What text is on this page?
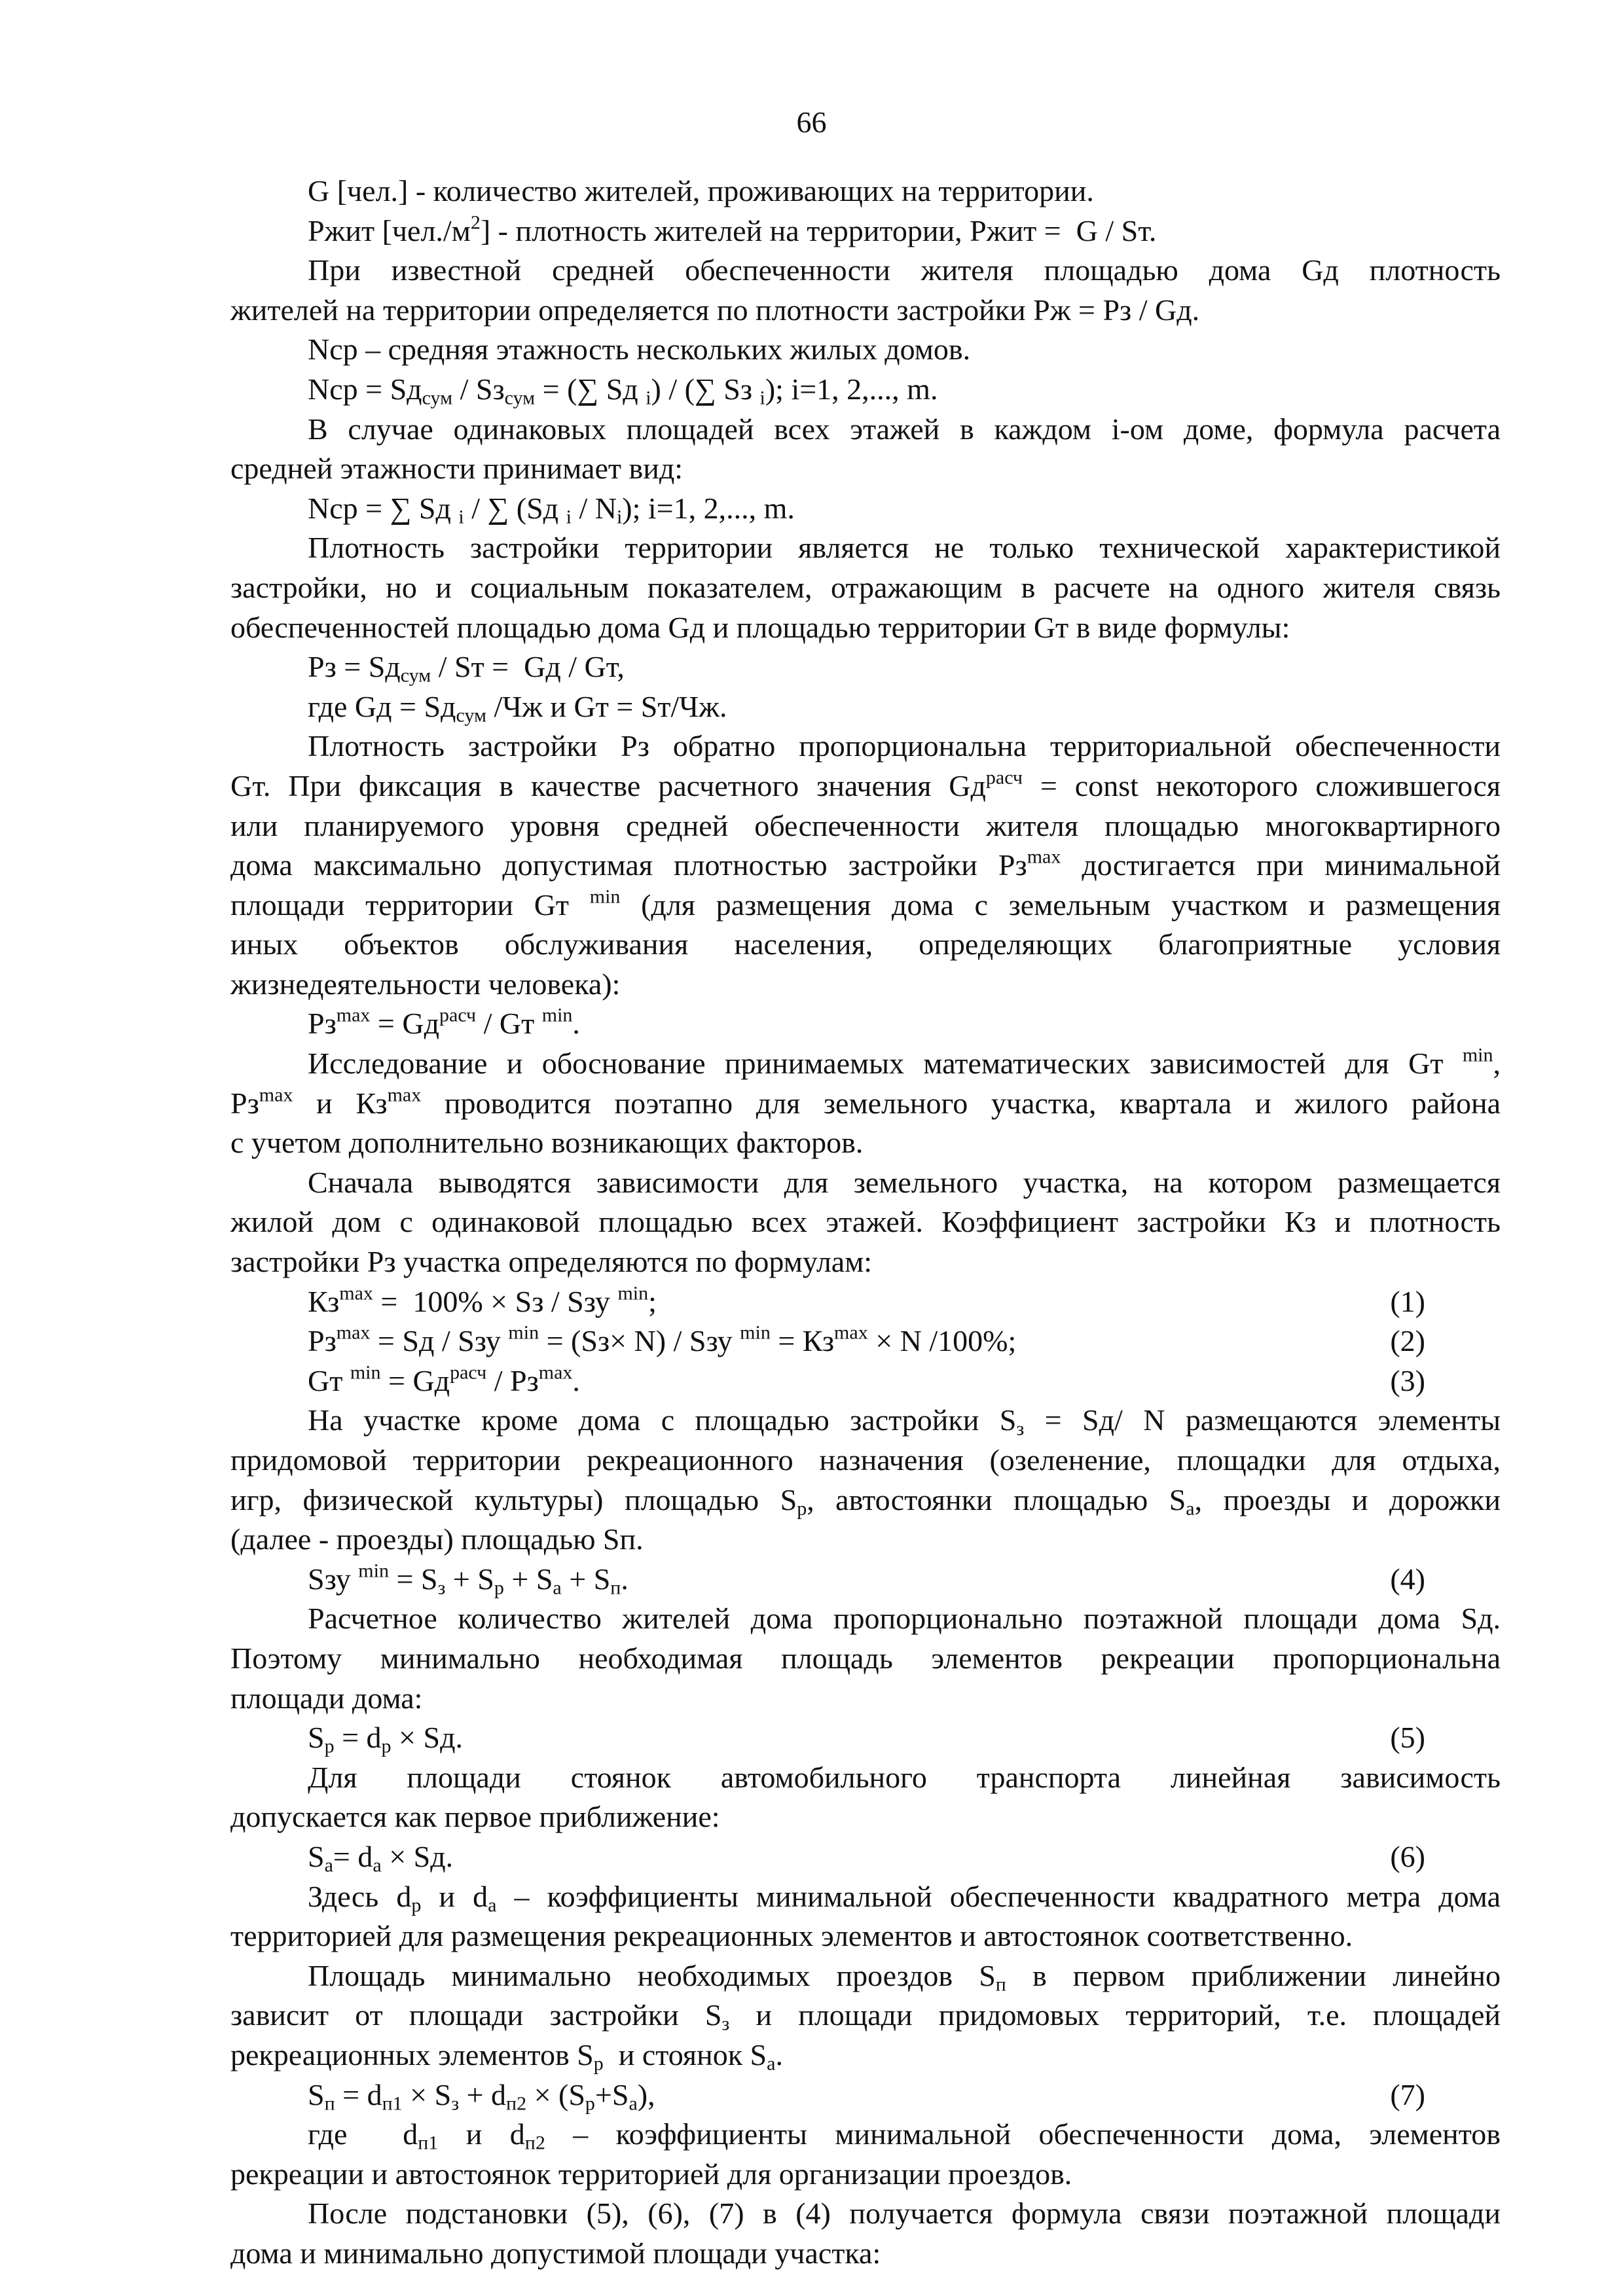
66
G [чел.] - количество жителей, проживающих на территории.
Ржит $[чел./м^2]$ - плотность жителей на территории, Ржит =  G / Sт.
При известной средней обеспеченности жителя площадью дома Gд плотность
жителей на территории определяется по плотности застройки Рж = Рз / Gд.
Nср – средняя этажность нескольких жилых домов.
Nср = $Sд_{сум} / Sз_{сум}$ = (∑ Sд $_i$) / (∑ Sз $_i$); i=1, 2,..., m.
В случае одинаковых площадей всех этажей в каждом i-ом доме, формула расчета
средней этажности принимает вид:
Nср = ∑ Sд $_i$ / ∑ (Sд $_i / N_i$); i=1, 2,..., m.
Плотность застройки территории является не только технической характеристикой
застройки, но и социальным показателем, отражающим в расчете на одного жителя связь
обеспеченностей площадью дома Gд и площадью территории Gт в виде формулы:
Рз = $Sд_{сум}$ / Sт =  Gд / Gт,
где Gд = $Sд_{сум}$ /Чж и Gт = Sт/Чж.
Плотность застройки Рз обратно пропорциональна территориальной обеспеченности
Gт. При фиксация в качестве расчетного значения $Gд^{расч}$ = const некоторого сложившегося
или планируемого уровня средней обеспеченности жителя площадью многоквартирного
дома максимально допустимая плотностью застройки $Рз^{max}$ достигается при минимальной
площади территории Gт $^{min}$ (для размещения дома с земельным участком и размещения
иных объектов обслуживания населения, определяющих благоприятные условия
жизнедеятельности человека):
$Рз^{max} = Gд^{расч}$ / Gт $^{min}$.
Исследование и обоснование принимаемых математических зависимостей для Gт $^{min}$,
$Рз^{max}$ и $Кз^{max}$ проводится поэтапно для земельного участка, квартала и жилого района
с учетом дополнительно возникающих факторов.
Сначала выводятся зависимости для земельного участка, на котором размещается
жилой дом с одинаковой площадью всех этажей. Коэффициент застройки Кз и плотность
застройки Рз участка определяются по формулам:
$Кз^{max} = 100\%$ × Sз / Sзу $^{min}$;	(1)
$Рз^{max}$ = Sд / Sзу $^{min}$ = (Sз× N) / Sзу $^{min} = Кз^{max} \times N$ /100%;	(2)
Gт $^{min} = Gд^{расч} / Рз^{max}$.	(3)
На участке кроме дома с площадью застройки $S_з = Sд/$ N размещаются элементы
придомовой территории рекреационного назначения (озеленение, площадки для отдыха,
игр, физической культуры) площадью $S_р$, автостоянки площадью $S_а$, проезды и дорожки
(далее - проезды) площадью Sп.
Sзу $^{min} = S_з + S_р + S_а + S_п$.	(4)
Расчетное количество жителей дома пропорционально поэтажной площади дома Sд.
Поэтому минимально необходимая площадь элементов рекреации пропорциональна
площади дома:
$S_р = d_р$ × Sд.	(5)
Для площади стоянок автомобильного транспорта линейная зависимость
допускается как первое приближение:
$S_а= d_а$ × Sд.	(6)
Здесь $d_р$ и $d_а$ – коэффициенты минимальной обеспеченности квадратного метра дома
территорией для размещения рекреационных элементов и автостоянок соответственно.
Площадь минимально необходимых проездов $S_п$ в первом приближении линейно
зависит от площади застройки $S_з$ и площади придомовых территорий, т.е. площадей
рекреационных элементов $S_р$  и стоянок $S_а$.
$S_п = d_{п1} \times S_з + d_{п2} \times (S_р+S_а)$,	(7)
где  $d_{п1}$ и $d_{п2}$ – коэффициенты минимальной обеспеченности дома, элементов
рекреации и автостоянок территорией для организации проездов.
После подстановки (5), (6), (7) в (4) получается формула связи поэтажной площади
дома и минимально допустимой площади участка:
